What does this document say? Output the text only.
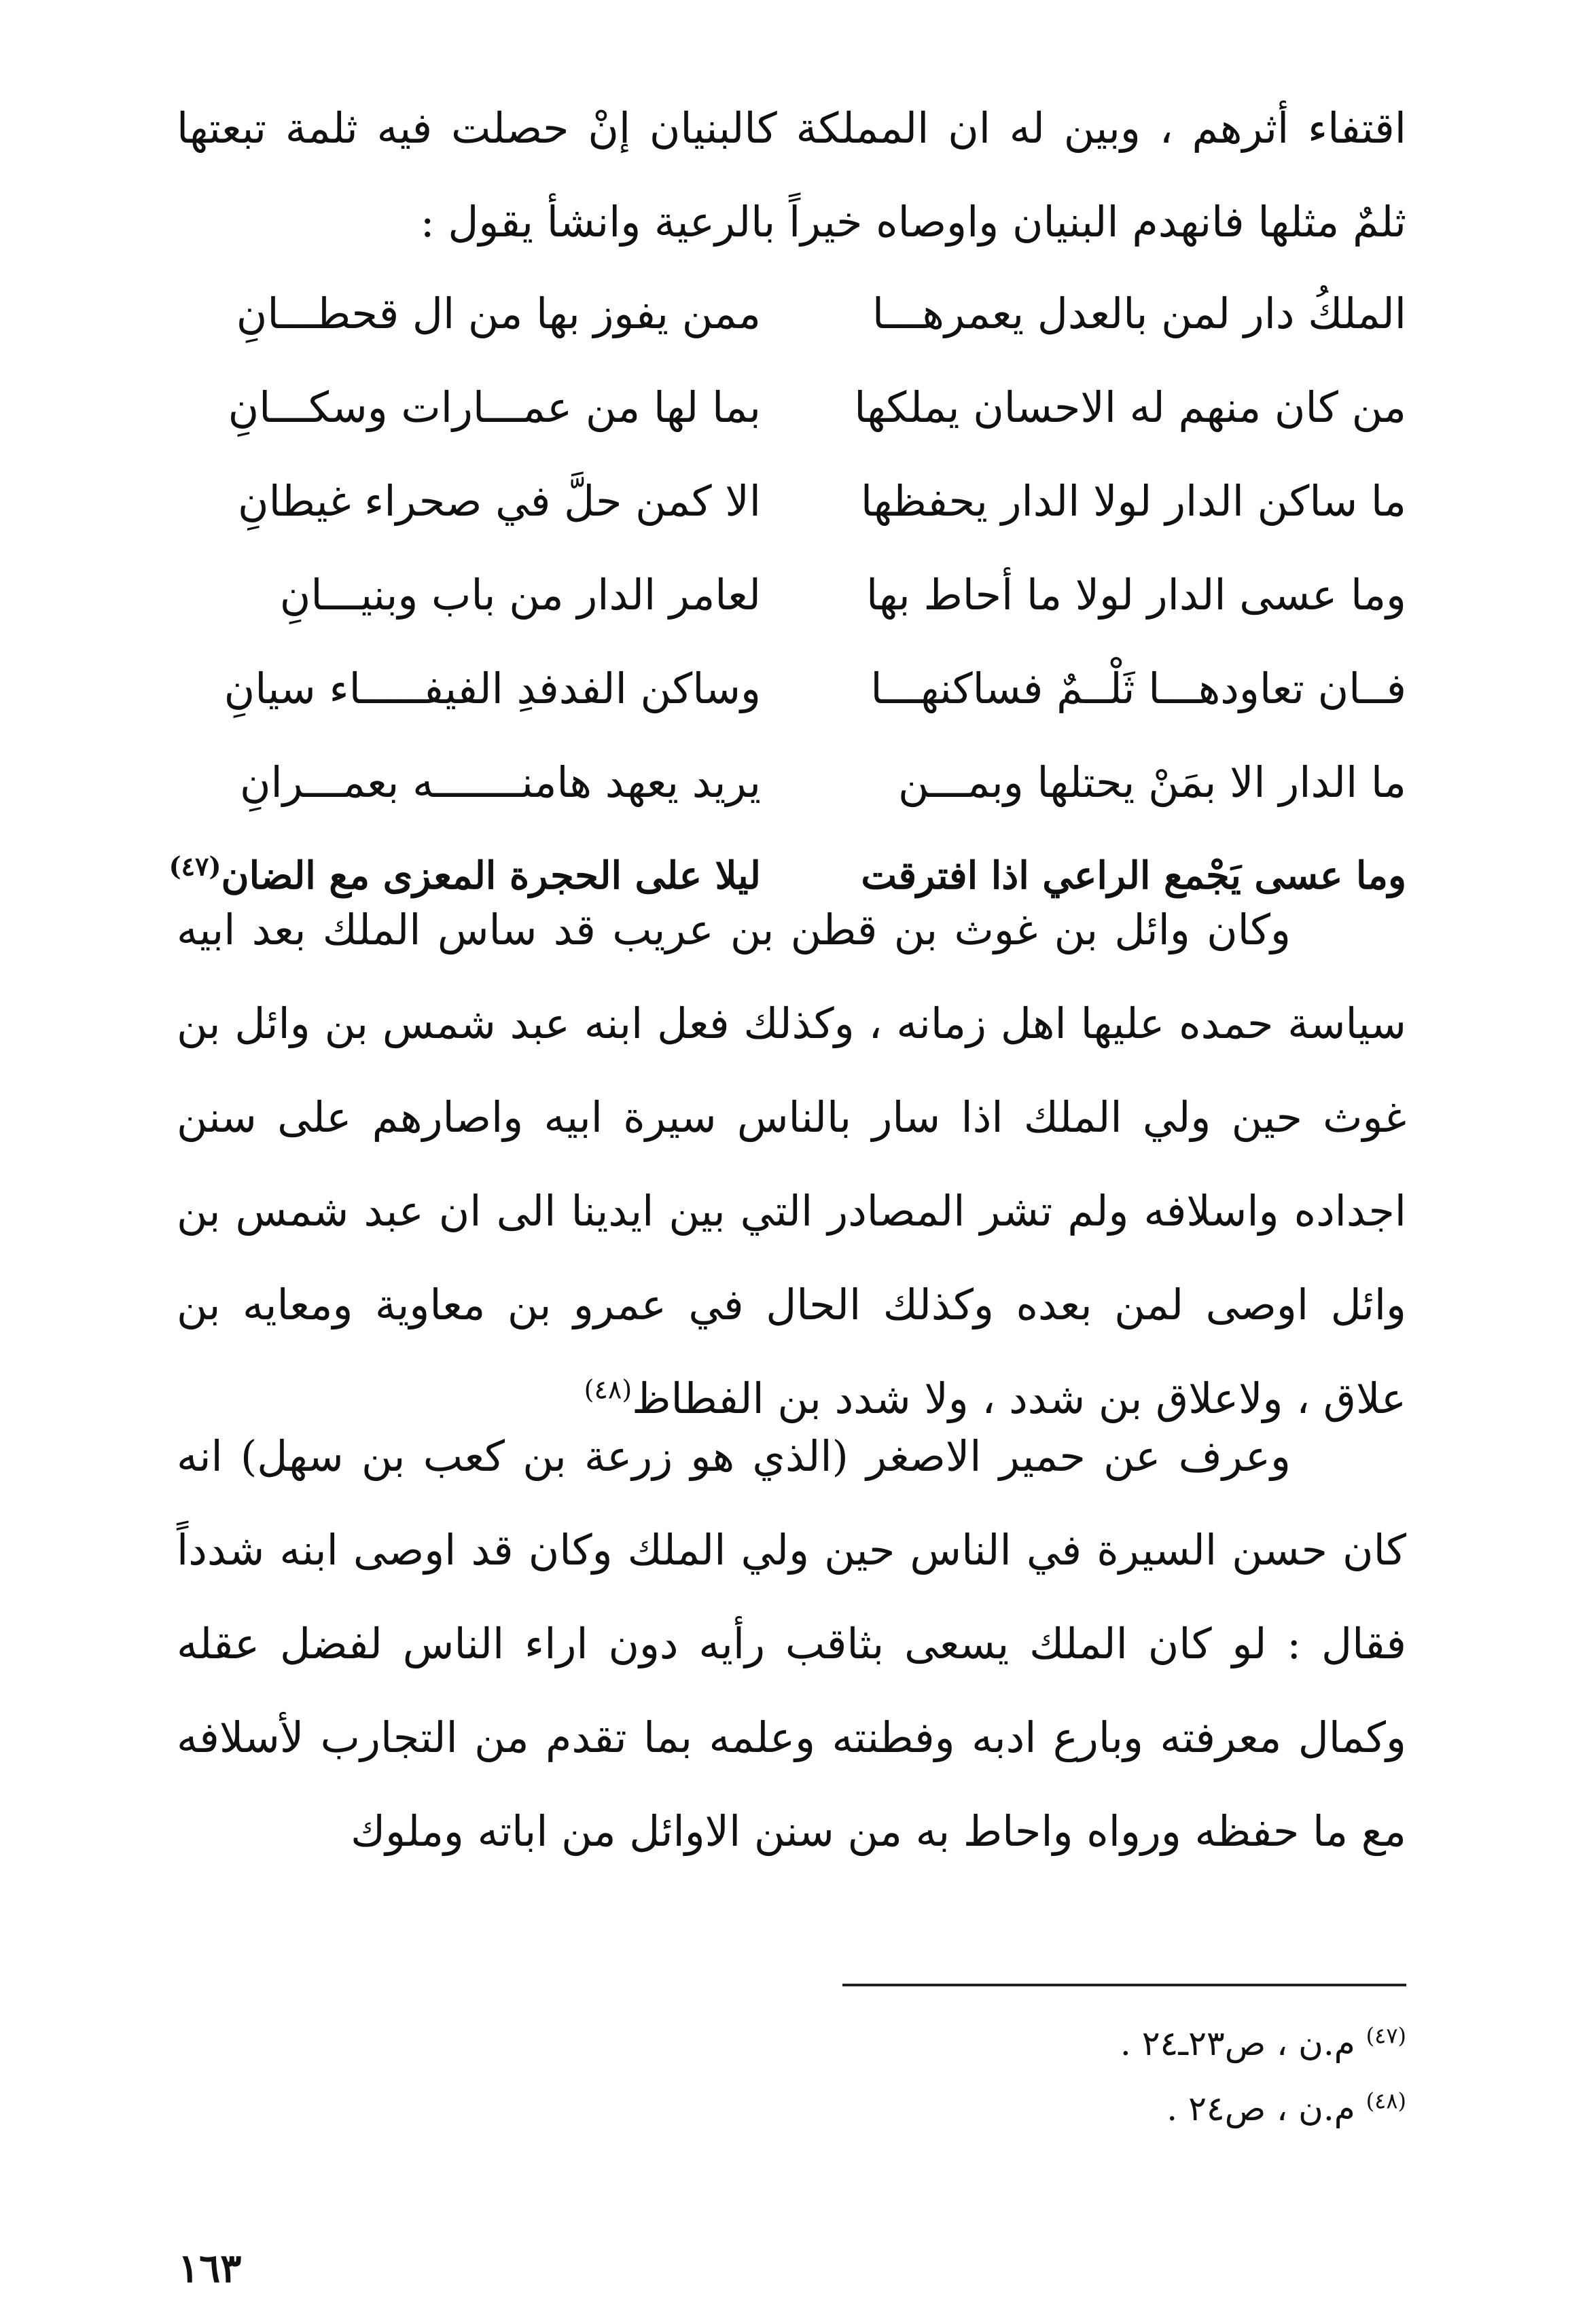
اقتفاء أثرهم ، وبين له ان المملكة كالبنيان إنْ حصلت فيه ثلمة تبعتها ثلمٌ مثلها فانهدم البنيان واوصاه خيراً بالرعية وانشأ يقول :
الملكُ دار لمن بالعدل يعمرهـــا
ممن يفوز بها من ال قحطـــانِ
من كان منهم له الاحسان يملكها
بما لها من عمـــارات وسكـــانِ
ما ساكن الدار لولا الدار يحفظها
الا كمن حلَّ في صحراء غيطانِ
وما عسى الدار لولا ما أحاط بها
لعامر الدار من باب وبنيـــانِ
فــان تعاودهـــا ثَلْــمٌ فساكنهـــا
وساكن الفدفدِ الفيفـــــاء سيانِ
ما الدار الا بمَنْ يحتلها وبمـــن
يريد يعهد هامنـــــــه بعمـــرانِ
وما عسى يَجْمع الراعي اذا افترقت
ليلا على الحجرة المعزى مع الضان$^{(٤٧)}$
وكان وائل بن غوث بن قطن بن عريب قد ساس الملك بعد ابيه سياسة حمده عليها اهل زمانه ، وكذلك فعل ابنه عبد شمس بن وائل بن غوث حين ولي الملك اذا سار بالناس سيرة ابيه واصارهم على سنن اجداده واسلافه ولم تشر المصادر التي بين ايدينا الى ان عبد شمس بن وائل اوصى لمن بعده وكذلك الحال في عمرو بن معاوية ومعايه بن علاق ، ولاعلاق بن شدد ، ولا شدد بن الفطاظ$^{(٤٨)}$
وعرف عن حمير الاصغر (الذي هو زرعة بن كعب بن سهل) انه كان حسن السيرة في الناس حين ولي الملك وكان قد اوصى ابنه شدداً فقال : لو كان الملك يسعى بثاقب رأيه دون اراء الناس لفضل عقله وكمال معرفته وبارع ادبه وفطنته وعلمه بما تقدم من التجارب لأسلافه مع ما حفظه ورواه واحاط به من سنن الاوائل من اباته وملوك
$^{(٤٧)}$ م.ن ، ص٢٣ـ٢٤ .
$^{(٤٨)}$ م.ن ، ص٢٤ .
١٦٣
